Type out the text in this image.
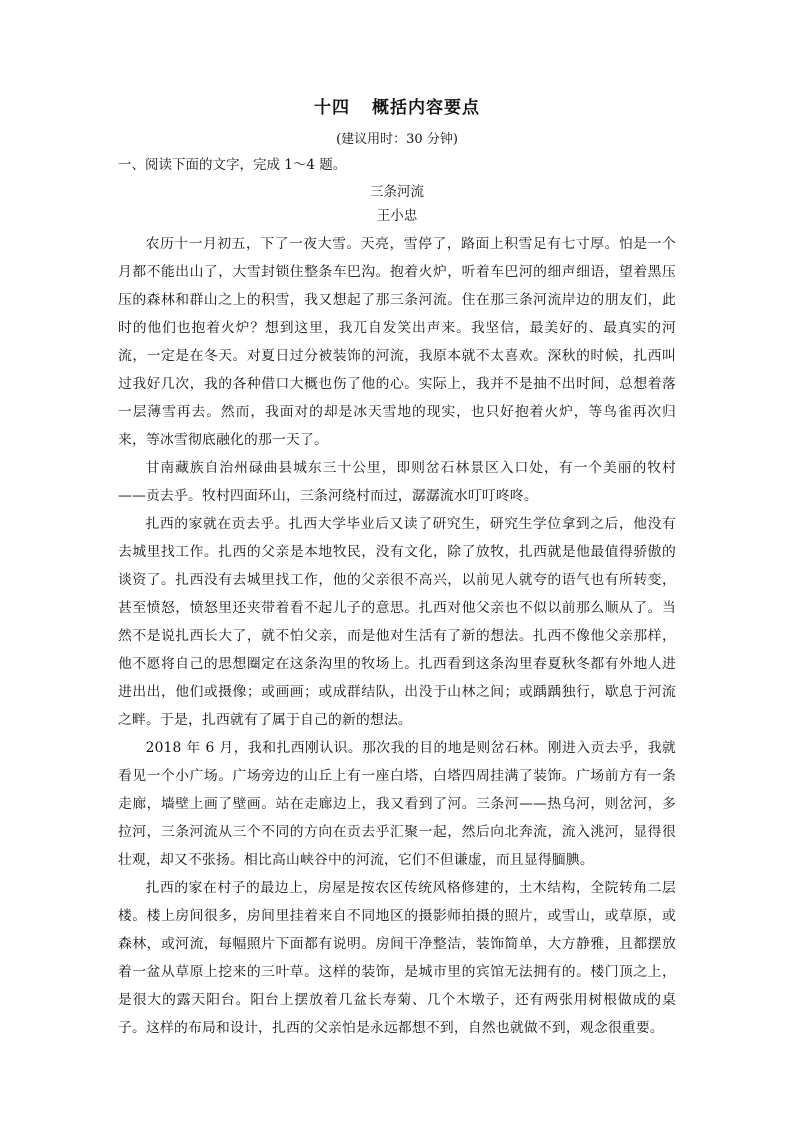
十四 概括内容要点

(建议用时：30 分钟)

一、阅读下面的文字，完成 1～4 题。

三条河流

王小忠

农历十一月初五，下了一夜大雪。天亮，雪停了，路面上积雪足有七寸厚。怕是一个月都不能出山了，大雪封锁住整条车巴沟。抱着火炉，听着车巴河的细声细语，望着黑压压的森林和群山之上的积雪，我又想起了那三条河流。住在那三条河流岸边的朋友们，此时的他们也抱着火炉？想到这里，我兀自发笑出声来。我坚信，最美好的、最真实的河流，一定是在冬天。对夏日过分被装饰的河流，我原本就不太喜欢。深秋的时候，扎西叫过我好几次，我的各种借口大概也伤了他的心。实际上，我并不是抽不出时间，总想着落一层薄雪再去。然而，我面对的却是冰天雪地的现实，也只好抱着火炉，等鸟雀再次归来，等冰雪彻底融化的那一天了。

甘南藏族自治州碌曲县城东三十公里，即则岔石林景区入口处，有一个美丽的牧村——贡去乎。牧村四面环山，三条河绕村而过，潺潺流水叮叮咚咚。

扎西的家就在贡去乎。扎西大学毕业后又读了研究生，研究生学位拿到之后，他没有去城里找工作。扎西的父亲是本地牧民，没有文化，除了放牧，扎西就是他最值得骄傲的谈资了。扎西没有去城里找工作，他的父亲很不高兴，以前见人就夸的语气也有所转变，甚至愤怒，愤怒里还夹带着看不起儿子的意思。扎西对他父亲也不似以前那么顺从了。当然不是说扎西长大了，就不怕父亲，而是他对生活有了新的想法。扎西不像他父亲那样，他不愿将自己的思想圈定在这条沟里的牧场上。扎西看到这条沟里春夏秋冬都有外地人进进出出，他们或摄像；或画画；或成群结队，出没于山林之间；或踽踽独行，歇息于河流之畔。于是，扎西就有了属于自己的新的想法。

2018 年 6 月，我和扎西刚认识。那次我的目的地是则岔石林。刚进入贡去乎，我就看见一个小广场。广场旁边的山丘上有一座白塔，白塔四周挂满了装饰。广场前方有一条走廊，墙壁上画了壁画。站在走廊边上，我又看到了河。三条河——热乌河，则岔河，多拉河，三条河流从三个不同的方向在贡去乎汇聚一起，然后向北奔流，流入洮河，显得很壮观，却又不张扬。相比高山峡谷中的河流，它们不但谦虚，而且显得腼腆。

扎西的家在村子的最边上，房屋是按农区传统风格修建的，土木结构，全院转角二层楼。楼上房间很多，房间里挂着来自不同地区的摄影师拍摄的照片，或雪山，或草原，或森林，或河流，每幅照片下面都有说明。房间干净整洁，装饰简单，大方静雅，且都摆放着一盆从草原上挖来的三叶草。这样的装饰，是城市里的宾馆无法拥有的。楼门顶之上，是很大的露天阳台。阳台上摆放着几盆长寿菊、几个木墩子，还有两张用树根做成的桌子。这样的布局和设计，扎西的父亲怕是永远都想不到，自然也就做不到，观念很重要。
